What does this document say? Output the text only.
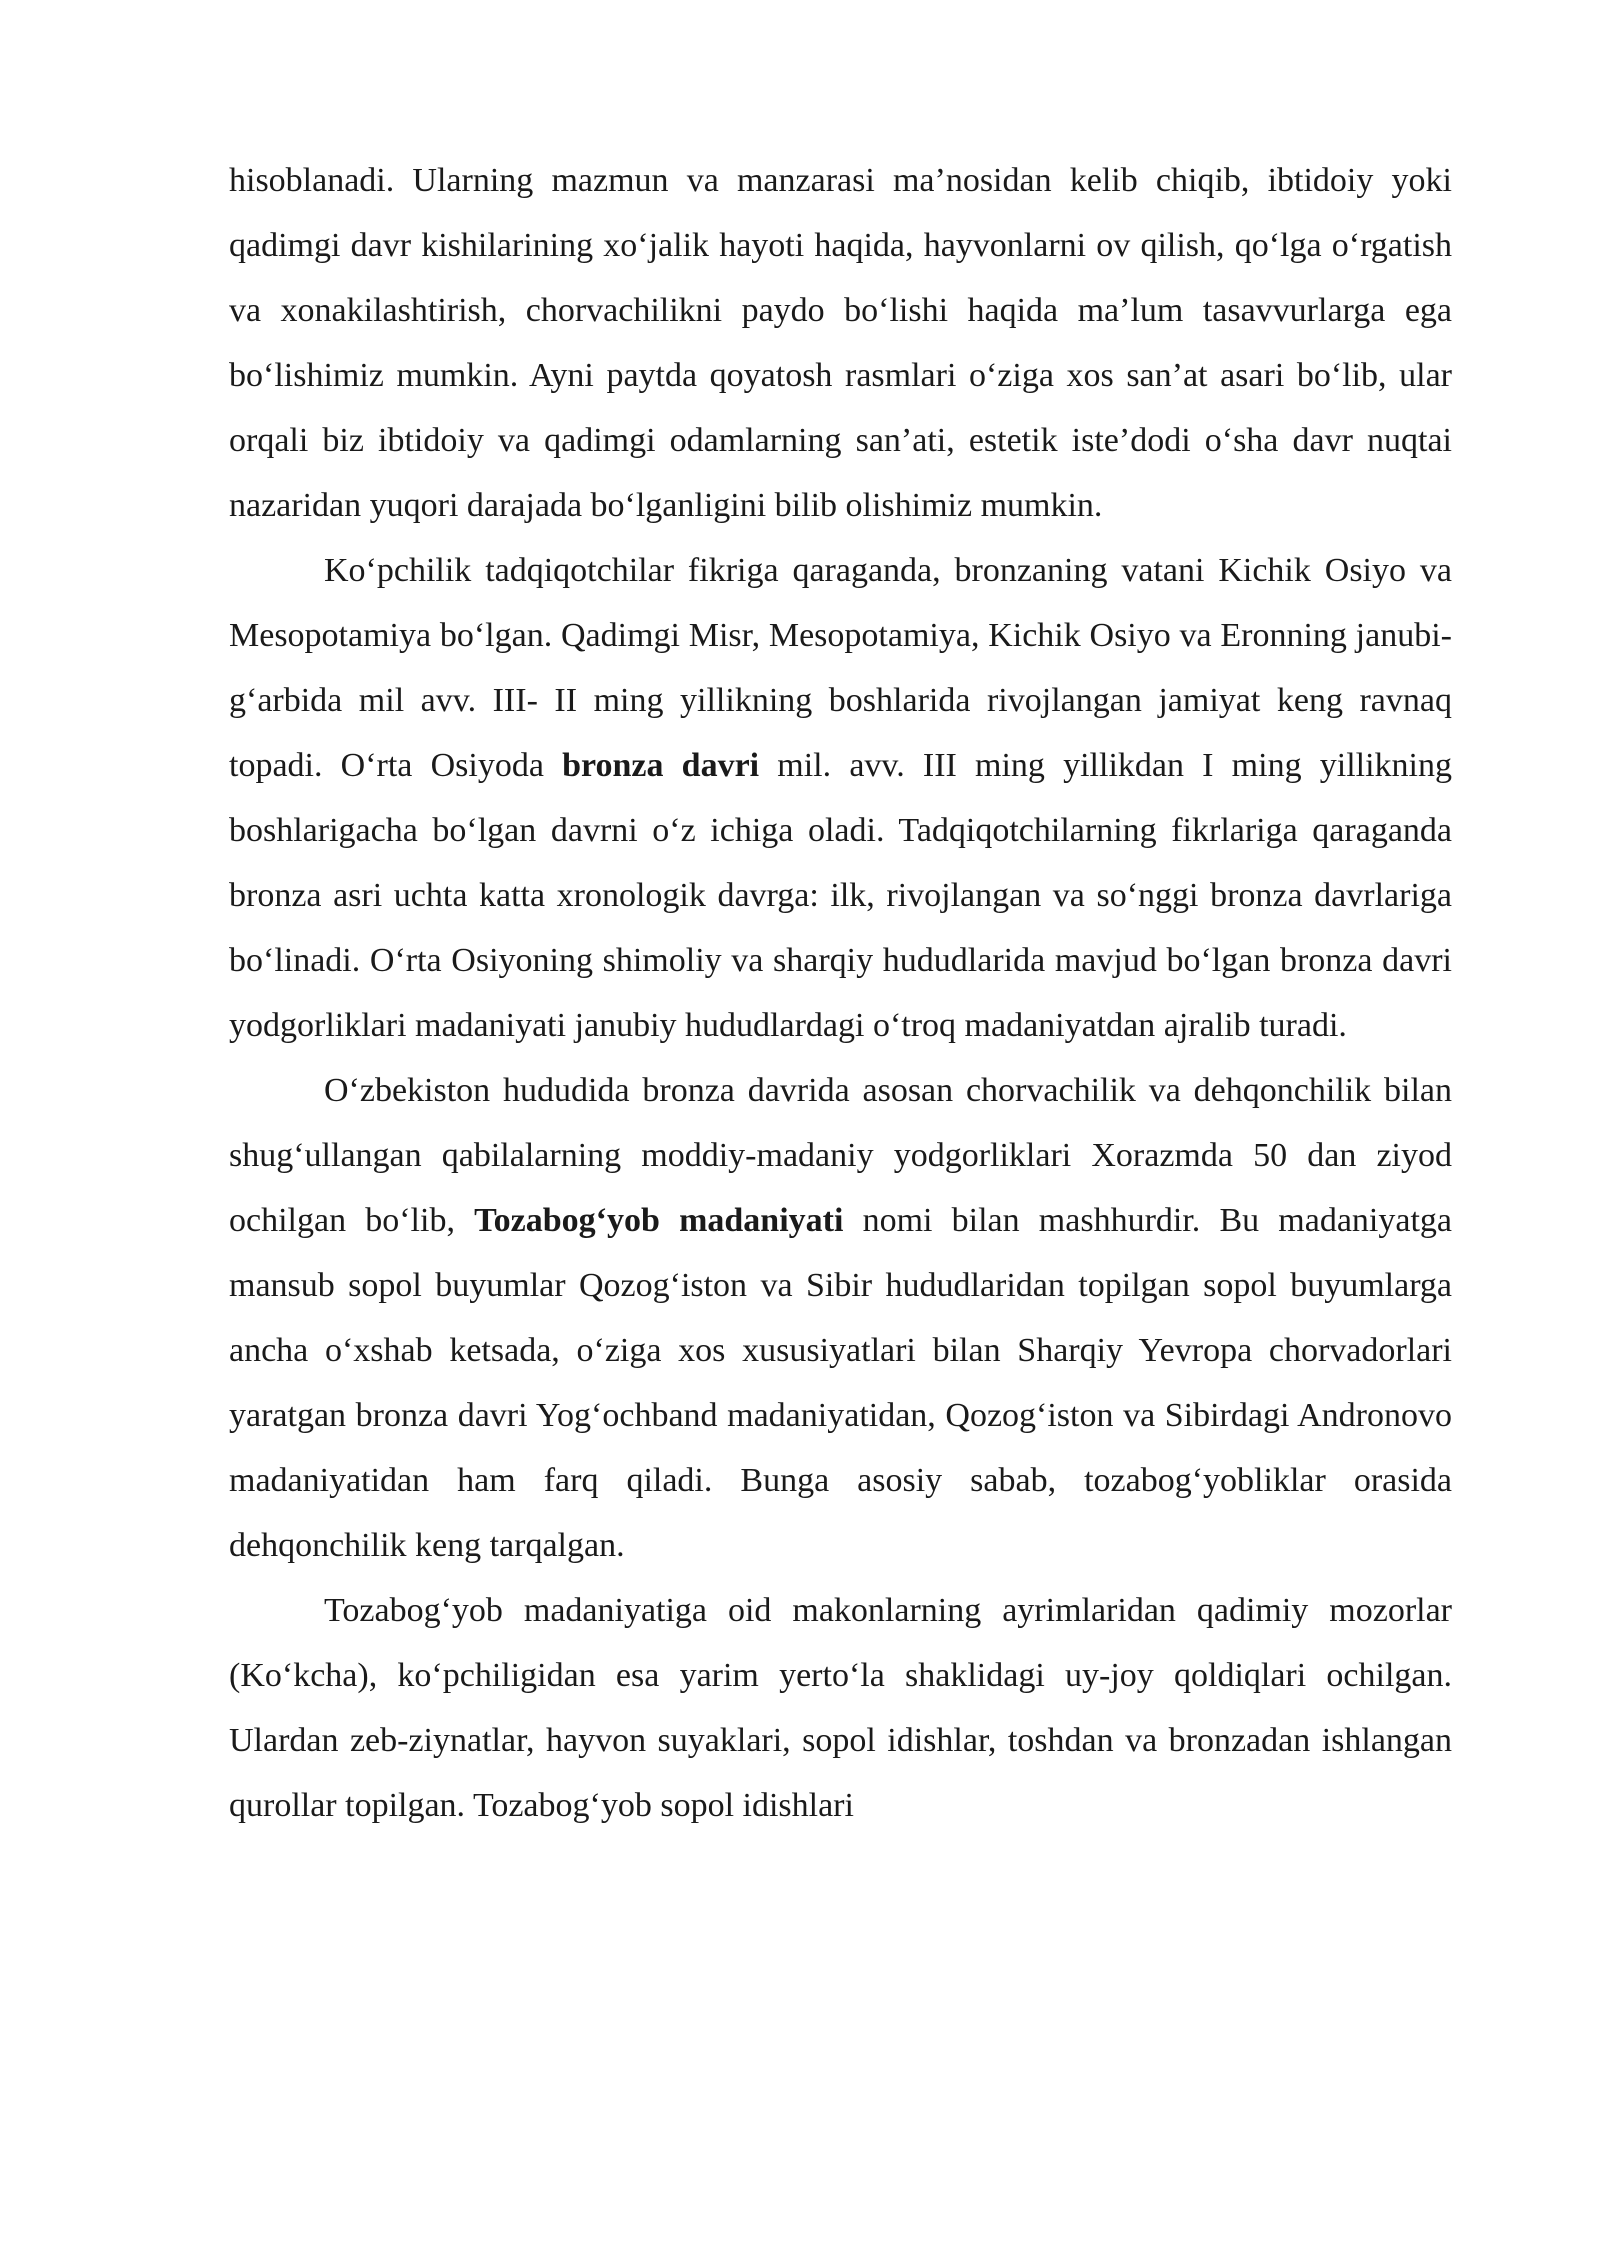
hisoblanadi. Ularning mazmun va manzarasi ma’nosidan kelib chiqib, ibtidoiy yoki qadimgi davr kishilarining xo‘jalik hayoti haqida, hayvonlarni ov qilish, qo‘lga o‘rgatish va xonakilashtirish, chorvachilikni paydo bo‘lishi haqida ma’lum tasavvurlarga ega bo‘lishimiz mumkin. Ayni paytda qoyatosh rasmlari o‘ziga xos san’at asari bo‘lib, ular orqali biz ibtidoiy va qadimgi odamlarning san’ati, estetik iste’dodi o‘sha davr nuqtai nazaridan yuqori darajada bo‘lganligini bilib olishimiz mumkin.

Ko‘pchilik tadqiqotchilar fikriga qaraganda, bronzaning vatani Kichik Osiyo va Mesopotamiya bo‘lgan. Qadimgi Misr, Mesopotamiya, Kichik Osiyo va Eronning janubi-g‘arbida mil avv. III- II ming yillikning boshlarida rivojlangan jamiyat keng ravnaq topadi. O‘rta Osiyoda bronza davri mil. avv. III ming yillikdan I ming yillikning boshlarigacha bo‘lgan davrni o‘z ichiga oladi. Tadqiqotchilarning fikrlariga qaraganda bronza asri uchta katta xronologik davrga: ilk, rivojlangan va so‘nggi bronza davrlariga bo‘linadi. O‘rta Osiyoning shimoliy va sharqiy hududlarida mavjud bo‘lgan bronza davri yodgorliklari madaniyati janubiy hududlardagi o‘troq madaniyatdan ajralib turadi.

O‘zbekiston hududida bronza davrida asosan chorvachilik va dehqonchilik bilan shug‘ullangan qabilalarning moddiy-madaniy yodgorliklari Xorazmda 50 dan ziyod ochilgan bo‘lib, Tozabog‘yob madaniyati nomi bilan mashhurdir. Bu madaniyatga mansub sopol buyumlar Qozog‘iston va Sibir hududlaridan topilgan sopol buyumlarga ancha o‘xshab ketsada, o‘ziga xos xususiyatlari bilan Sharqiy Yevropa chorvadorlari yaratgan bronza davri Yog‘ochband madaniyatidan, Qozog‘iston va Sibirdagi Andronovo madaniyatidan ham farq qiladi. Bunga asosiy sabab, tozabog‘yobliklar orasida dehqonchilik keng tarqalgan.

Tozabog‘yob madaniyatiga oid makonlarning ayrimlaridan qadimiy mozorlar (Ko‘kcha), ko‘pchiligidan esa yarim yerto‘la shaklidagi uy-joy qoldiqlari ochilgan. Ulardan zeb-ziynatlar, hayvon suyaklari, sopol idishlar, toshdan va bronzadan ishlangan qurollar topilgan. Tozabog‘yob sopol idishlari
